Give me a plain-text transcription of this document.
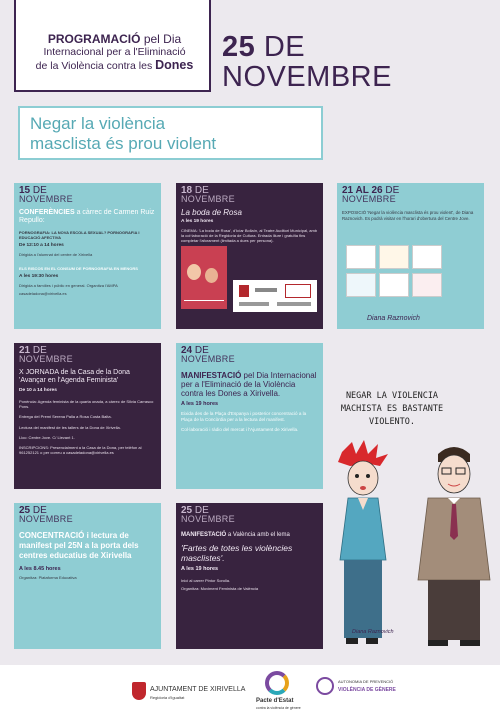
PROGRAMACIÓ pel Dia
Internacional per a l'Eliminació
de la Violència contra les Dones
25 DE
NOVEMBRE
Negar la violència
masclista és prou violent
15 DE
NOVEMBRE
CONFERÈNCIES a càrrec de Carmen Ruiz Repullo:
PORNOGRAFIA: LA NOVA ESCOLA SEXUAL? PORNOGRAFIA I EDUCACIÓ AFECTIVA
De 12:10 a 14 hores
Dirigida a l'alumnat del centre de Xirivella
ELS RISCOS EN EL CONSUM DE PORNOGRAFIA EN MENORS
A les 19:30 hores
Dirigida a famílies i públic en general. Organitza l'AMPA
casadeladona@xirivella.es
18 DE
NOVEMBRE
La boda de Rosa
A les 19 hores
CINEMA: 'La boda de Rosa', d'Icíar Bollaín, al Teatre Auditori Municipal, amb la col·laboració de la Regidoria de Cultura. Entrada lliure i gratuïta fins completar l'aforament (limitada a dues per persona).
21 AL 26 DE
NOVEMBRE
EXPOSICIÓ 'Negar la violència masclista és prou violent', de Diana Raznovich. Es podrà visitar en l'horari d'obertura del Centre Jove.
Diana Raznovich
21 DE
NOVEMBRE
X JORNADA de la Casa de la Dona 'Avançar en l'Agenda Feminista'
De 10 a 14 hores
Ponència: Agenda feminista de la quarta onada, a càrrec de Silvia Carrasco Pons.
Entrega del Premi Serena Palla a Rosa Costa Balta.
Lectura del manifest de les tallers de la Dona de Xirivella.
Lloc: Centre Jove. C/ Llevant 1.
INSCRIPCIONS: Presencialment a la Casa de la Dona, per telèfon al 961252121 o per correu a casadeladona@xirivella.es
24 DE
NOVEMBRE
MANIFESTACIÓ pel Dia Internacional per a l'Eliminació de la Violència contra les Dones a Xirivella.
A les 19 hores
Eixida des de la Plaça d'Espanya i posterior concentració a la Plaça de la Concòrdia per a la lectura del manifest.
Col·laboració i ràdio del mercat i l'Ajuntament de Xirivella.
25 DE
NOVEMBRE
CONCENTRACIÓ i lectura de manifest pel 25N a la porta dels centres educatius de Xirivella
A les 8.45 hores
Organitza: Plataforma Educativa
25 DE
NOVEMBRE
MANIFESTACIÓ a València amb el lema
'Fartes de totes les violències masclistes'.
A les 19 hores
Inici al carrer Pintor Sorolla.
Organitza: Moviment Feminista de València
NEGAR LA VIOLENCIA MACHISTA ES BASTANTE VIOLENTO.
Diana Raznovich
AJUNTAMENT DE XIRIVELLA
Regidoria d'Igualtat
Pacte d'Estat
contra la violència de gènere
AUTONOMIA DE PREVENCIÓ
VIOLÈNCIA DE GÈNERE
